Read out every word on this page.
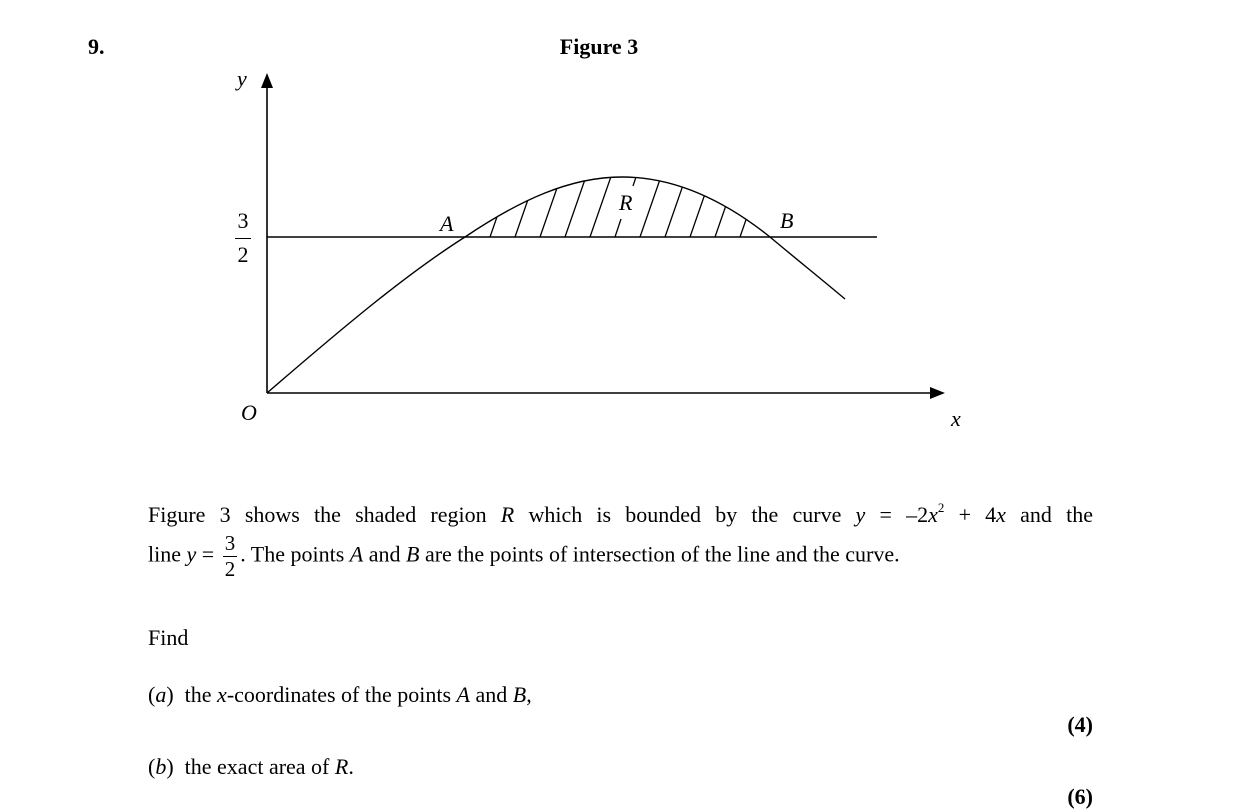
9.	Figure 3
y
x
O
A	B
R
3
2
Figure 3 shows the shaded region R which is bounded by the curve $y = -2x^2 + 4x$ and the
line $y = \frac{3}{2}$ . The points A and B are the points of intersection of the line and the curve.
Find
(a) the x-coordinates of the points A and B,
(4)
(b) the exact area of R.
(6)
